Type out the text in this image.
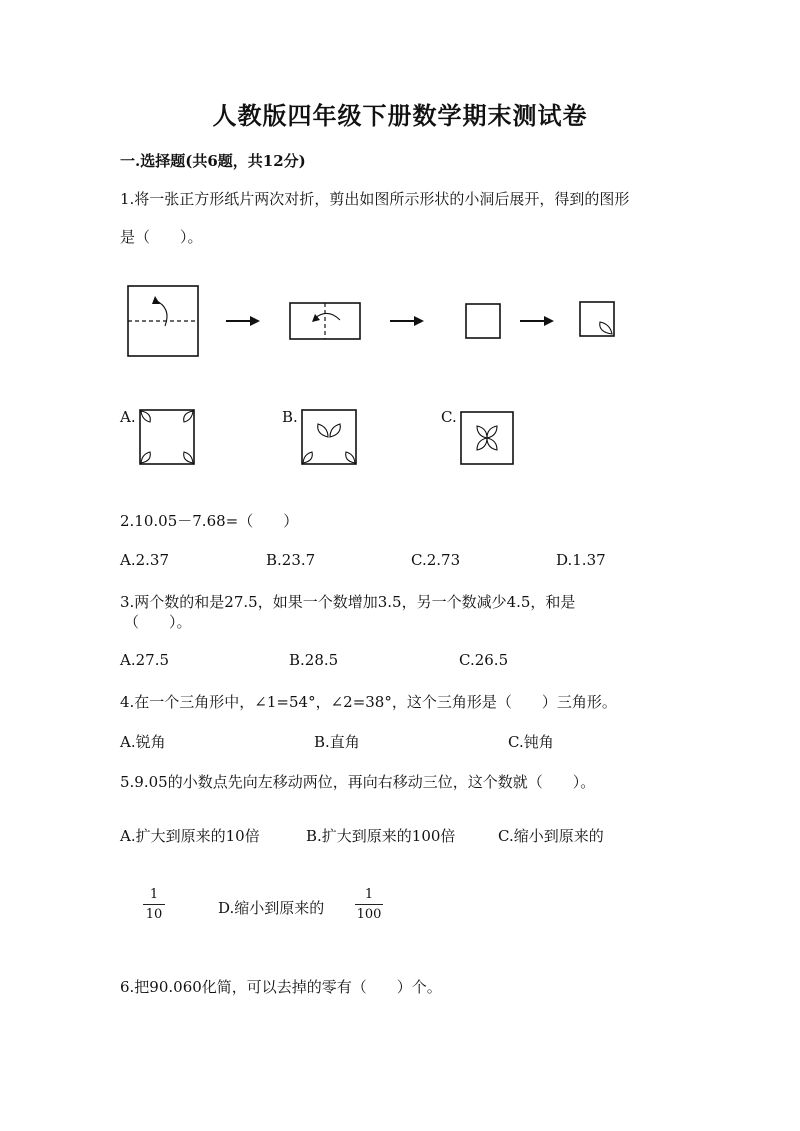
人教版四年级下册数学期末测试卷
一.选择题(共6题，共12分)
1.将一张正方形纸片两次对折，剪出如图所示形状的小洞后展开，得到的图形
是（　　）。
A.	B.	C.
2.10.05－7.68=（　　）
A.2.37	B.23.7	C.2.73	D.1.37
3.两个数的和是27.5，如果一个数增加3.5，另一个数减少4.5，和是
（　　）。
A.27.5	B.28.5	C.26.5
4.在一个三角形中，∠1=54°，∠2=38°，这个三角形是（　　）三角形。
A.锐角	B.直角	C.钝角
5.9.05的小数点先向左移动两位，再向右移动三位，这个数就（　　）。
A.扩大到原来的10倍	B.扩大到原来的100倍	C.缩小到原来的
1
10	D.缩小到原来的
1
100
6.把90.060化简，可以去掉的零有（　　）个。
